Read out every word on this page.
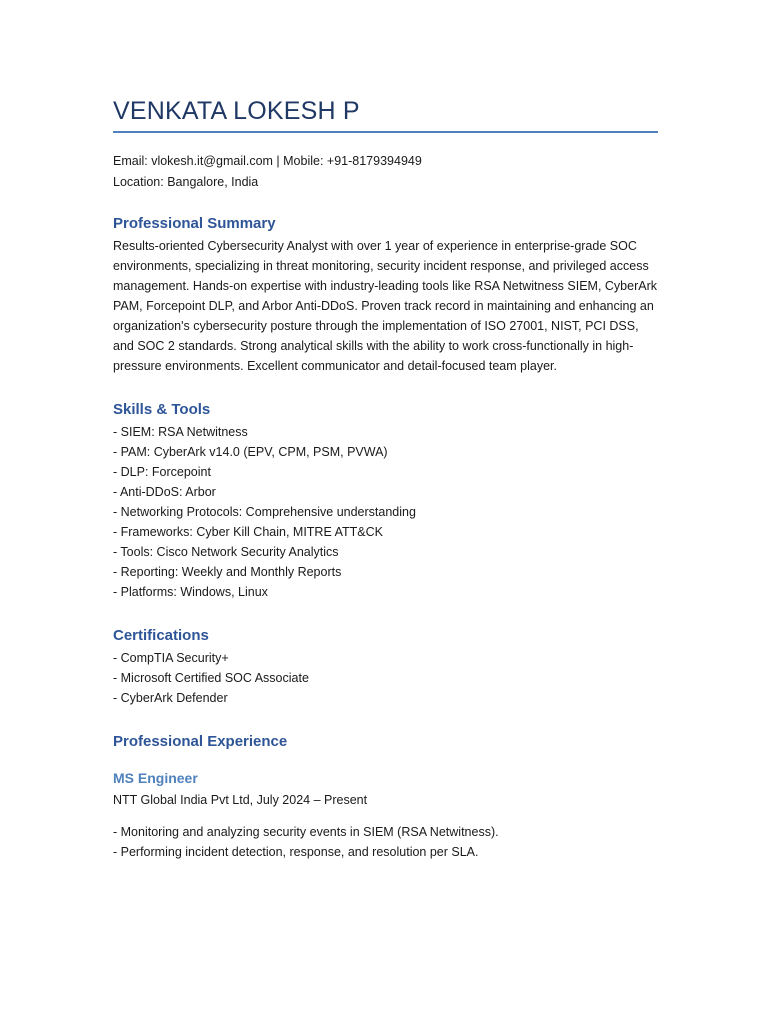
VENKATA LOKESH P
Email: vlokesh.it@gmail.com | Mobile: +91-8179394949
Location: Bangalore, India
Professional Summary
Results-oriented Cybersecurity Analyst with over 1 year of experience in enterprise-grade SOC environments, specializing in threat monitoring, security incident response, and privileged access management. Hands-on expertise with industry-leading tools like RSA Netwitness SIEM, CyberArk PAM, Forcepoint DLP, and Arbor Anti-DDoS. Proven track record in maintaining and enhancing an organization's cybersecurity posture through the implementation of ISO 27001, NIST, PCI DSS, and SOC 2 standards. Strong analytical skills with the ability to work cross-functionally in high-pressure environments. Excellent communicator and detail-focused team player.
Skills & Tools
- SIEM: RSA Netwitness
- PAM: CyberArk v14.0 (EPV, CPM, PSM, PVWA)
- DLP: Forcepoint
- Anti-DDoS: Arbor
- Networking Protocols: Comprehensive understanding
- Frameworks: Cyber Kill Chain, MITRE ATT&CK
- Tools: Cisco Network Security Analytics
- Reporting: Weekly and Monthly Reports
- Platforms: Windows, Linux
Certifications
- CompTIA Security+
- Microsoft Certified SOC Associate
- CyberArk Defender
Professional Experience
MS Engineer
NTT Global India Pvt Ltd, July 2024 – Present
- Monitoring and analyzing security events in SIEM (RSA Netwitness).
- Performing incident detection, response, and resolution per SLA.
